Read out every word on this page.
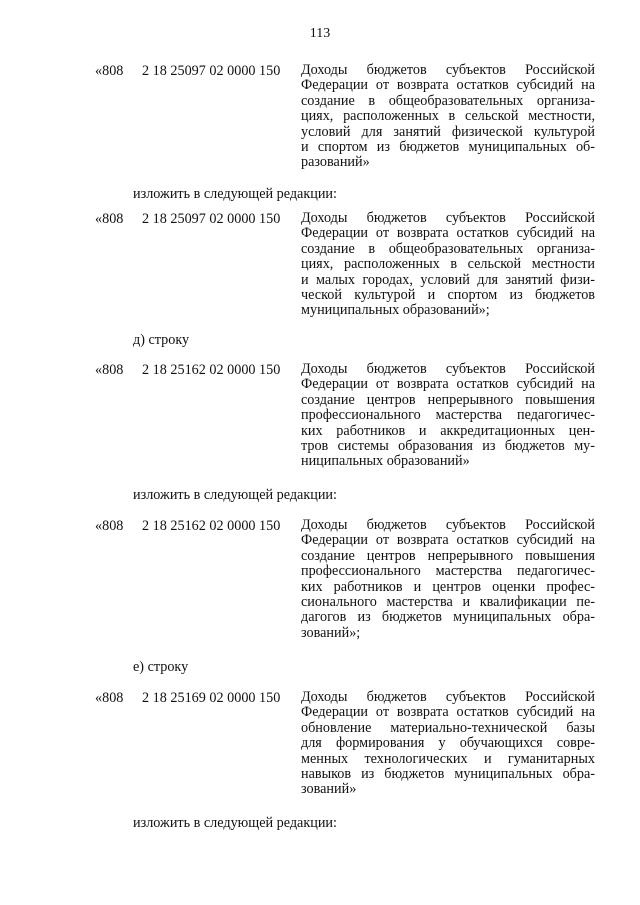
113
«808 2 18 25097 02 0000 150 Доходы бюджетов субъектов Российской
Федерации от возврата остатков субсидий на
создание в общеобразовательных организа-
циях, расположенных в сельской местности,
условий для занятий физической культурой
и спортом из бюджетов муниципальных об-
разований»
изложить в следующей редакции:
«808 2 18 25097 02 0000 150 Доходы бюджетов субъектов Российской
Федерации от возврата остатков субсидий на
создание в общеобразовательных организа-
циях, расположенных в сельской местности
и малых городах, условий для занятий физи-
ческой культурой и спортом из бюджетов
муниципальных образований»;
д) строку
«808 2 18 25162 02 0000 150 Доходы бюджетов субъектов Российской
Федерации от возврата остатков субсидий на
создание центров непрерывного повышения
профессионального мастерства педагогичес-
ких работников и аккредитационных цен-
тров системы образования из бюджетов му-
ниципальных образований»
изложить в следующей редакции:
«808 2 18 25162 02 0000 150 Доходы бюджетов субъектов Российской
Федерации от возврата остатков субсидий на
создание центров непрерывного повышения
профессионального мастерства педагогичес-
ких работников и центров оценки профес-
сионального мастерства и квалификации пе-
дагогов из бюджетов муниципальных обра-
зований»;
е) строку
«808 2 18 25169 02 0000 150 Доходы бюджетов субъектов Российской
Федерации от возврата остатков субсидий на
обновление материально-технической базы
для формирования у обучающихся совре-
менных технологических и гуманитарных
навыков из бюджетов муниципальных обра-
зований»
изложить в следующей редакции:
